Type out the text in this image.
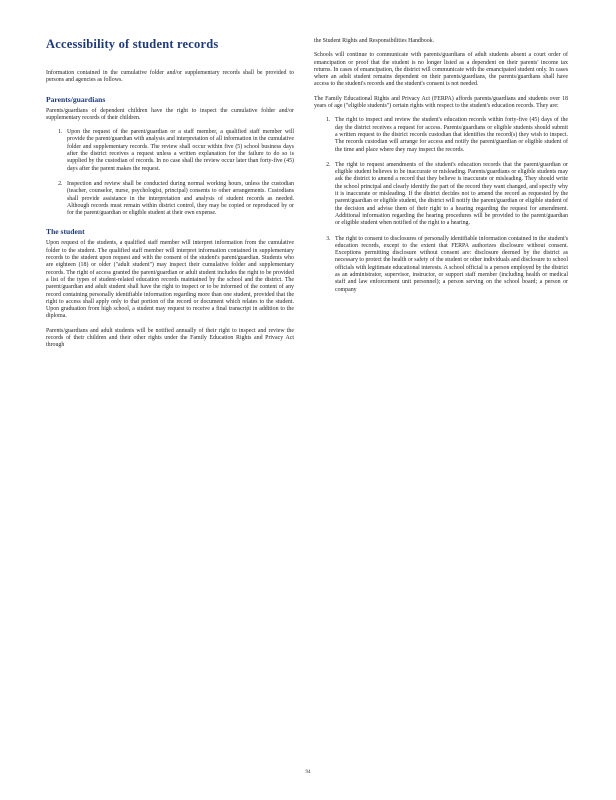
Accessibility of student records

Information contained in the cumulative folder and/or supplementary records shall be provided to persons and agencies as follows.

Parents/guardians

Parents/guardians of dependent children have the right to inspect the cumulative folder and/or supplementary records of their children.

1. Upon the request of the parent/guardian or a staff member, a qualified staff member will provide the parent/guardian with analysis and interpretation of all information in the cumulative folder and supplementary records. The review shall occur within five (5) school business days after the district receives a request unless a written explanation for the failure to do so is supplied by the custodian of records. In no case shall the review occur later than forty-five (45) days after the parent makes the request.
2. Inspection and review shall be conducted during normal working hours, unless the custodian (teacher, counselor, nurse, psychologist, principal) consents to other arrangements. Custodians shall provide assistance in the interpretation and analysis of student records as needed. Although records must remain within district control, they may be copied or reproduced by or for the parent/guardian or eligible student at their own expense.
The student

Upon request of the students, a qualified staff member will interpret information from the cumulative folder to the student. The qualified staff member will interpret information contained in supplementary records to the student upon request and with the consent of the student's parent/guardian. Students who are eighteen (18) or older ("adult student") may inspect their cumulative folder and supplementary records. The right of access granted the parent/guardian or adult student includes the right to be provided a list of the types of student-related education records maintained by the school and the district. The parent/guardian and adult student shall have the right to inspect or to be informed of the content of any record containing personally identifiable information regarding more than one student, provided that the right to access shall apply only to that portion of the record or document which relates to the student. Upon graduation from high school, a student may request to receive a final transcript in addition to the diploma.

Parents/guardians and adult students will be notified annually of their right to inspect and review the records of their children and their other rights under the Family Education Rights and Privacy Act through

the Student Rights and Responsibilities Handbook.

Schools will continue to communicate with parents/guardians of adult students absent a court order of emancipation or proof that the student is no longer listed as a dependent on their parents' income tax returns. In cases of emancipation, the district will communicate with the emancipated student only. In cases where an adult student remains dependent on their parents/guardians, the parents/guardians shall have access to the student's records and the student's consent is not needed.

The Family Educational Rights and Privacy Act (FERPA) affords parents/guardians and students over 18 years of age ("eligible students") certain rights with respect to the student's education records. They are:

1. The right to inspect and review the student's education records within forty-five (45) days of the day the district receives a request for access. Parents/guardians or eligible students should submit a written request to the district records custodian that identifies the record(s) they wish to inspect. The records custodian will arrange for access and notify the parent/guardian or eligible student of the time and place where they may inspect the records.
2. The right to request amendments of the student's education records that the parent/guardian or eligible student believes to be inaccurate or misleading. Parents/guardians or eligible students may ask the district to amend a record that they believe is inaccurate or misleading. They should write the school principal and clearly identify the part of the record they want changed, and specify why it is inaccurate or misleading. If the district decides not to amend the record as requested by the parent/guardian or eligible student, the district will notify the parent/guardian or eligible student of the decision and advise them of their right to a hearing regarding the request for amendment. Additional information regarding the hearing procedures will be provided to the parent/guardian or eligible student when notified of the right to a hearing.
3. The right to consent to disclosures of personally identifiable information contained in the student's education records, except to the extent that FERPA authorizes disclosure without consent. Exceptions permitting disclosure without consent are: disclosure deemed by the district as necessary to protect the health or safety of the student or other individuals and disclosure to school officials with legitimate educational interests. A school official is a person employed by the district as an administrator, supervisor, instructor, or support staff member (including health or medical staff and law enforcement unit personnel); a person serving on the school board; a person or company
94
